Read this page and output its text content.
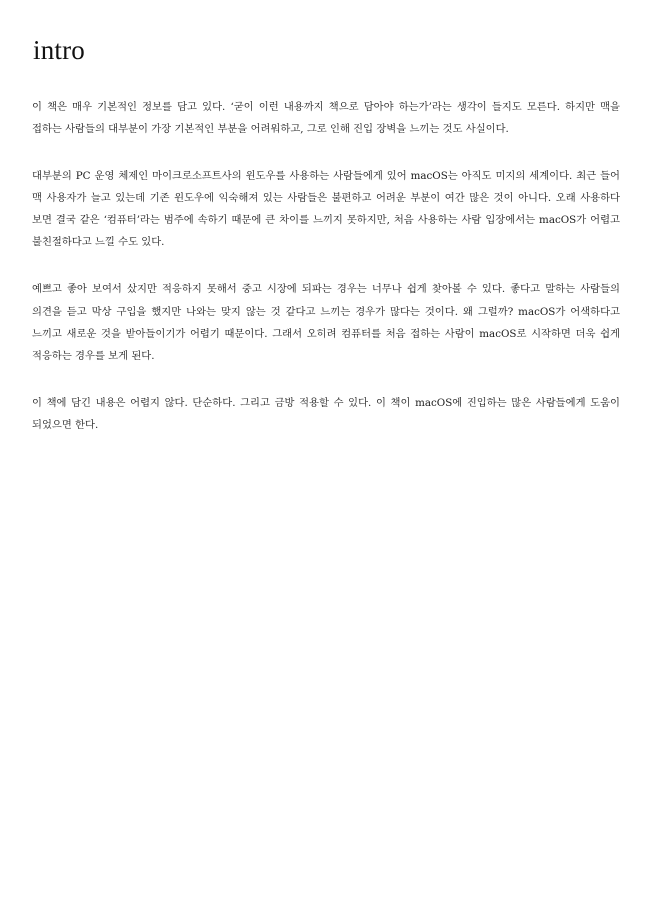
intro

이 책은 매우 기본적인 정보를 담고 있다. ‘굳이 이런 내용까지 책으로 담아야 하는가’라는 생각이 들지도 모른다. 하지만 맥을 접하는 사람들의 대부분이 가장 기본적인 부분을 어려워하고, 그로 인해 진입 장벽을 느끼는 것도 사실이다.

대부분의 PC 운영 체제인 마이크로소프트사의 윈도우를 사용하는 사람들에게 있어 macOS는 아직도 미지의 세계이다. 최근 들어 맥 사용자가 늘고 있는데 기존 윈도우에 익숙해져 있는 사람들은 불편하고 어려운 부분이 여간 많은 것이 아니다. 오래 사용하다 보면 결국 같은 ‘컴퓨터’라는 범주에 속하기 때문에 큰 차이를 느끼지 못하지만, 처음 사용하는 사람 입장에서는 macOS가 어렵고 불친절하다고 느낄 수도 있다.

예쁘고 좋아 보여서 샀지만 적응하지 못해서 중고 시장에 되파는 경우는 너무나 쉽게 찾아볼 수 있다. 좋다고 말하는 사람들의 의견을 듣고 막상 구입을 했지만 나와는 맞지 않는 것 같다고 느끼는 경우가 많다는 것이다. 왜 그럴까? macOS가 어색하다고 느끼고 새로운 것을 받아들이기가 어렵기 때문이다. 그래서 오히려 컴퓨터를 처음 접하는 사람이 macOS로 시작하면 더욱 쉽게 적응하는 경우를 보게 된다.

이 책에 담긴 내용은 어렵지 않다. 단순하다. 그리고 금방 적용할 수 있다. 이 책이 macOS에 진입하는 많은 사람들에게 도움이 되었으면 한다.
